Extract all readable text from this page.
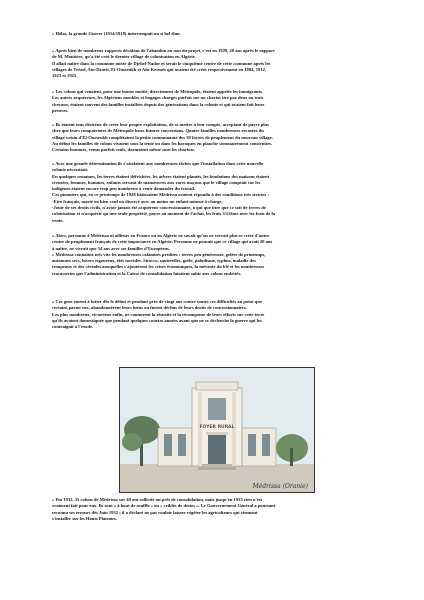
« Hélas, la grande Guerre (1914/1918) interrompait un si bel élan.

« Après bien de nombreux rapports décidant de l'abandon ou non du projet, c'est en 1928, 20 ans après le rapport
de M. Montière, qu'a été créé le dernier village de colonisation en Algérie.
Il allait naître dans la commune mixte de Djebel-Nador et serait le cinquième centre de cette commune après les
villages de Trézel, Aïn-Dzarit, El-Ousseukh et Aïn-Kermès qui avaient été créés respectivement en 1894, 1912,
1923 et 1925.

« Les colons qui venaient, pour une bonne moitié, directement de Métropole, étaient appelés les immigrants.
Les autres acquéreurs, les Algériens meubles et bagages chargés parfois sur un chariot tiré par deux ou trois
chevaux, étaient souvent des familles installées depuis des générations dans la colonie et qui avaient fait leurs
preuves.

« Ils étaient tous désireux de créer leur propre exploitation, de se mettre à leur compte, acceptant de payer plus
cher que leurs compatriotes de Métropole leurs futures concessions. Quatre familles nombreuses recasées du
village voisin d'El-Ousseukh complétaient la petite communauté des 39 foyers de peuplement du nouveau village.
Au début les familles de colons vivaient sous la tente ou dans les baraques en planche sommairement construites.
Certains hommes, venus parfois seuls, dormaient même sous les chariots.

« Avec une grande détermination ils s'attelaient aux nombreuses tâches que l'installation dans cette nouvelle
colonie nécessitait.
En quelques semaines, les terres étaient défrichées, les arbres étaient plantés, les fondations des maisons étaient
creusées, femmes, hommes, enfants servant de manœuvres aux rares maçons que le village comptait car les
indigènes étaient encore trop peu nombreux à venir demander du travail.
Ces pionniers qui, en ce printemps de 1928 bâtissaient Médrissa avaient répondu à des conditions très strictes :
-Etre français, marié ou bien veuf ou divorcé avec au moins un enfant mineur à charge,
-Jouir de ses droits civils, n'avoir jamais été acquéreur concessionnaire, à qui que titre que ce soit de terres de
colonisation et n'acquérir qu'une seule propriété, payer au moment de l'achat, les frais 3/12ème avec les frais de la
vente.

« Alors, personne à Médrissa ni ailleurs en France ou en Algérie ne savait qu'on ne verrait plus se créer d'autre
centre de peuplement français de cette importance en Algérie. Personne ne pensait que ce village qui avait 20 ans
à naître, ne vivrait que 34 ans avec ses familles d'Européens.
« Médrissa connaîtra très vite les nombreuses calamités prédites : terres peu généreuses, gelées de printemps,
automnes secs, hivers rigoureux, étés torrides. Sirocco, sauterelles, grêle, paludisme, typhus, maladie des
troupeaux et des céréales auxquelles s'ajoutèrent les crises économiques, la mévente du blé et les nombreuses
tracasseries que l'administration et la Caisse de consolidation faisaient subir aux colons endettés.

« Ces gens eurent à lutter dès le début et pendant près de vingt ans contre toutes ces difficultés au point que
certains parmi eux, abandonnèrent leurs biens ou furent déchus de leurs droits de concessionnaires.
Les plus nombreux, victorieux enfin, ne connurent la réussite et la récompense de leurs efforts sur cette terre
qu'ils avaient domestiquée que pendant quelques courtes années avant que ne se déclenche la guerre qui les
contraignit à l'exode.

FOYER RURAL
Médrissa (Oranie)

« Fin 1932, 35 colons de Médrissa sur 40 ont sollicité un prêt de consolidation, mais jusqu'en 1933 rien n'est
vraiment fait pour eux. Ils sont « à bout de souffle » ou « criblés de dettes ». Le Gouvernement Général a pourtant
reconnu ses erreurs dès Juin 1932 ; il a déclaré ne pas vouloir laisser végéter les agriculteurs qui viennent
s'installer sur les Hauts Plateaux.
